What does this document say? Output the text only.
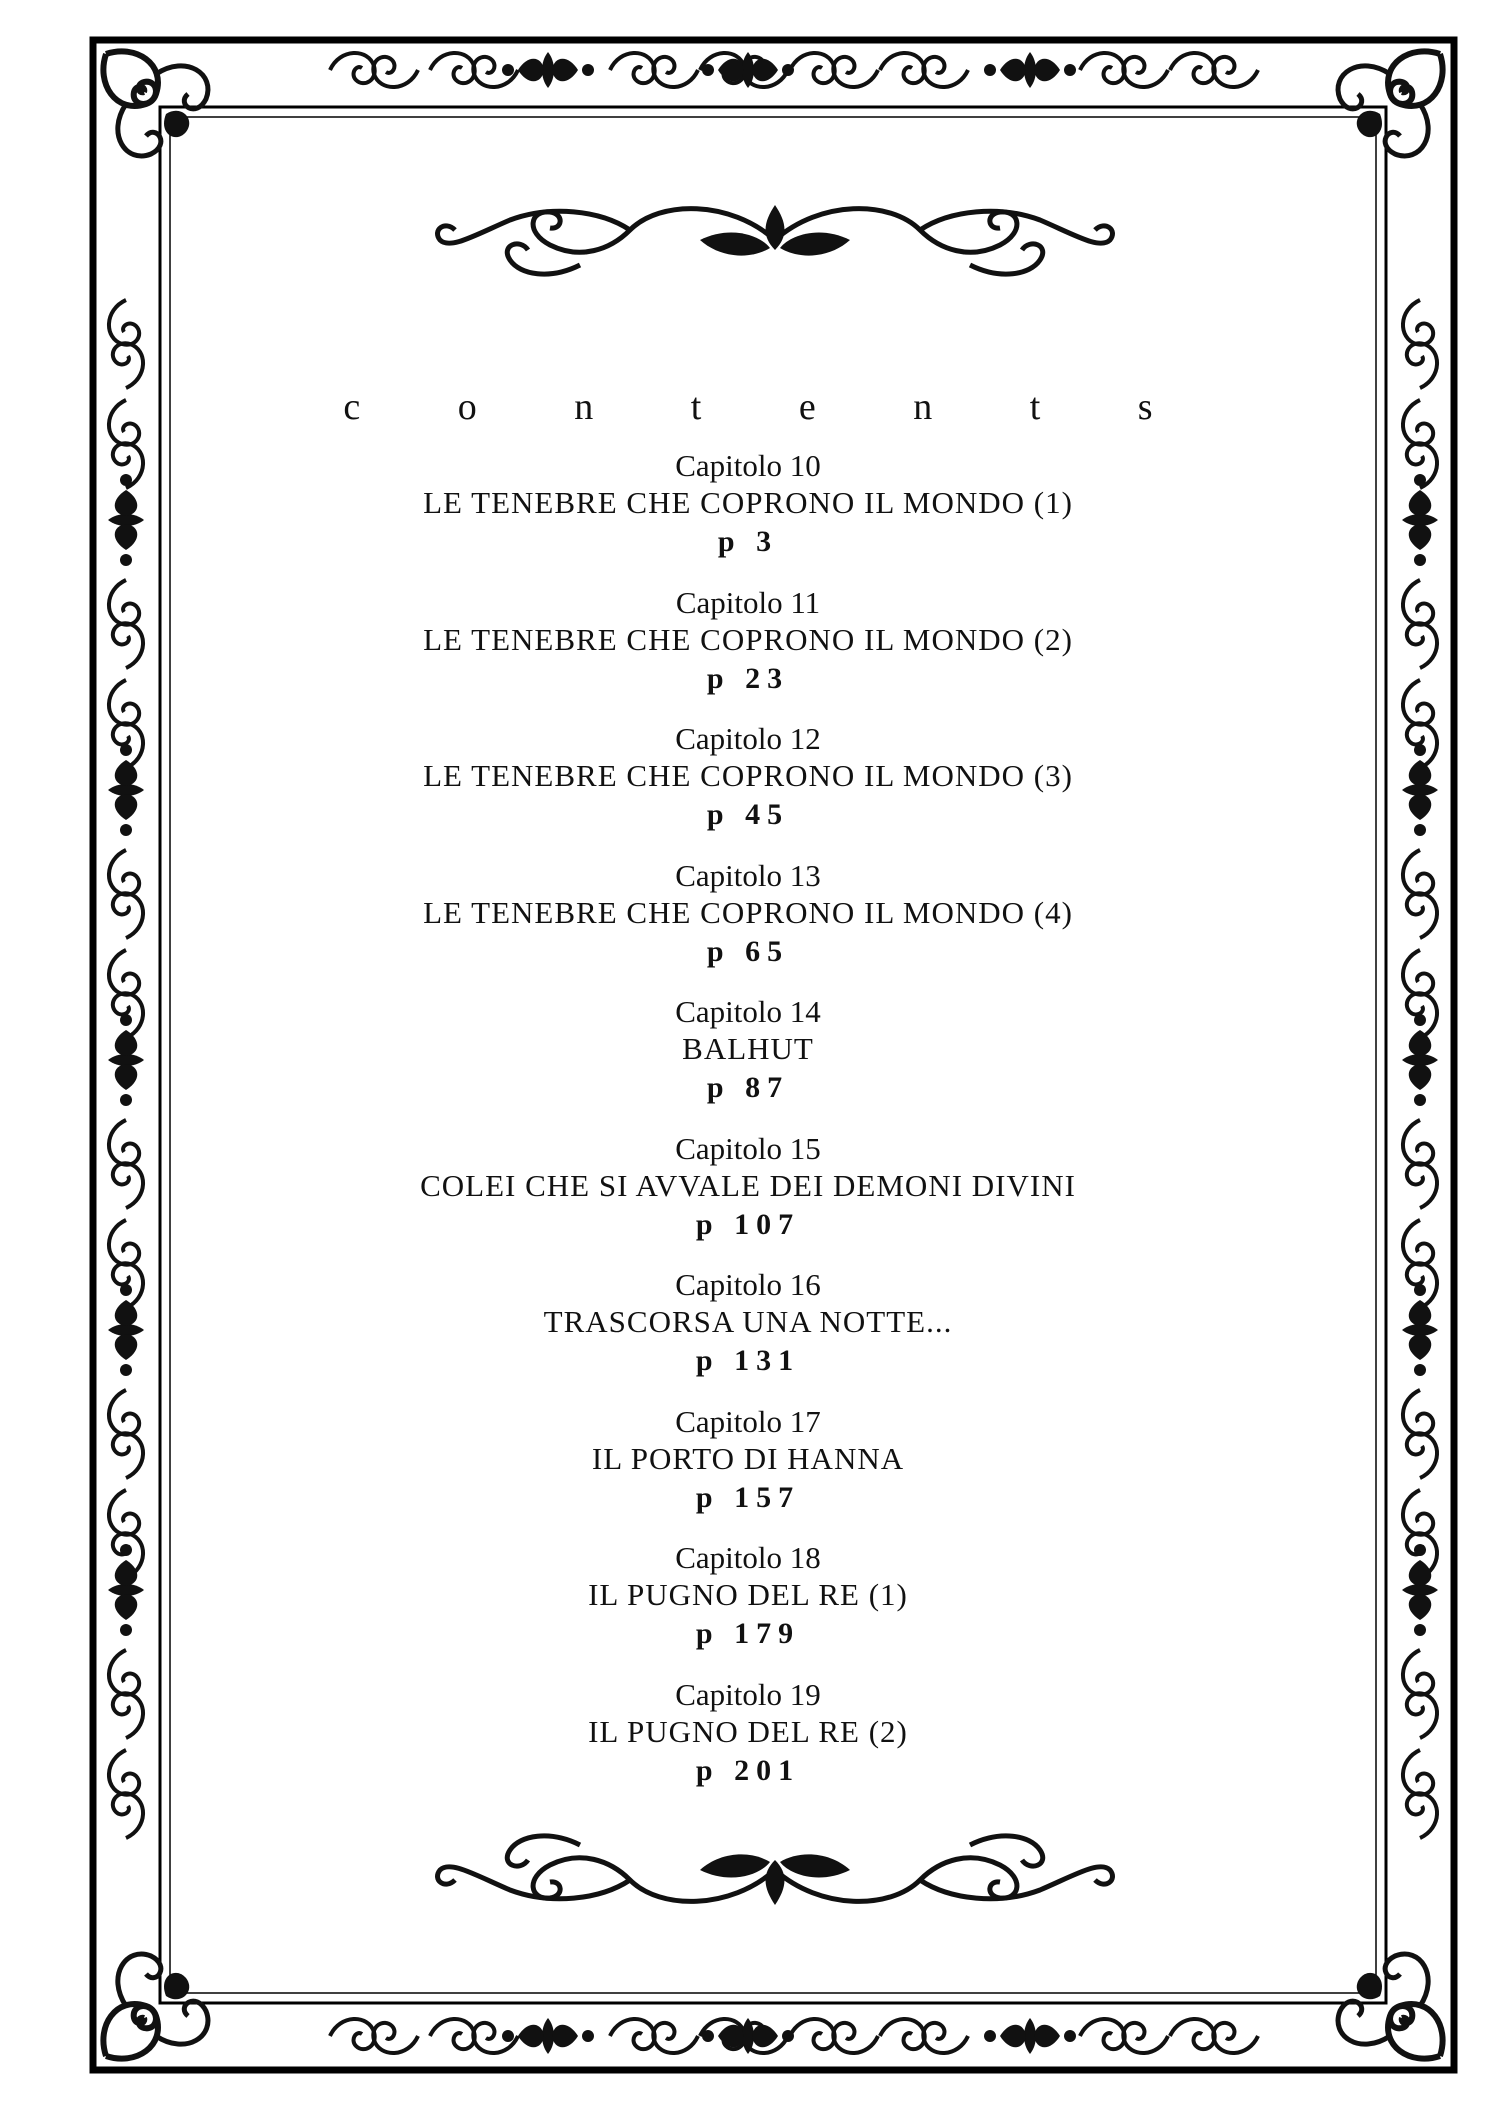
c o n t e n t s
Capitolo 10
LE TENEBRE CHE COPRONO IL MONDO (1)
p 3
Capitolo 11
LE TENEBRE CHE COPRONO IL MONDO (2)
p 23
Capitolo 12
LE TENEBRE CHE COPRONO IL MONDO (3)
p 45
Capitolo 13
LE TENEBRE CHE COPRONO IL MONDO (4)
p 65
Capitolo 14
BALHUT
p 87
Capitolo 15
COLEI CHE SI AVVALE DEI DEMONI DIVINI
p 107
Capitolo 16
TRASCORSA UNA NOTTE...
p 131
Capitolo 17
IL PORTO DI HANNA
p 157
Capitolo 18
IL PUGNO DEL RE (1)
p 179
Capitolo 19
IL PUGNO DEL RE (2)
p 201
